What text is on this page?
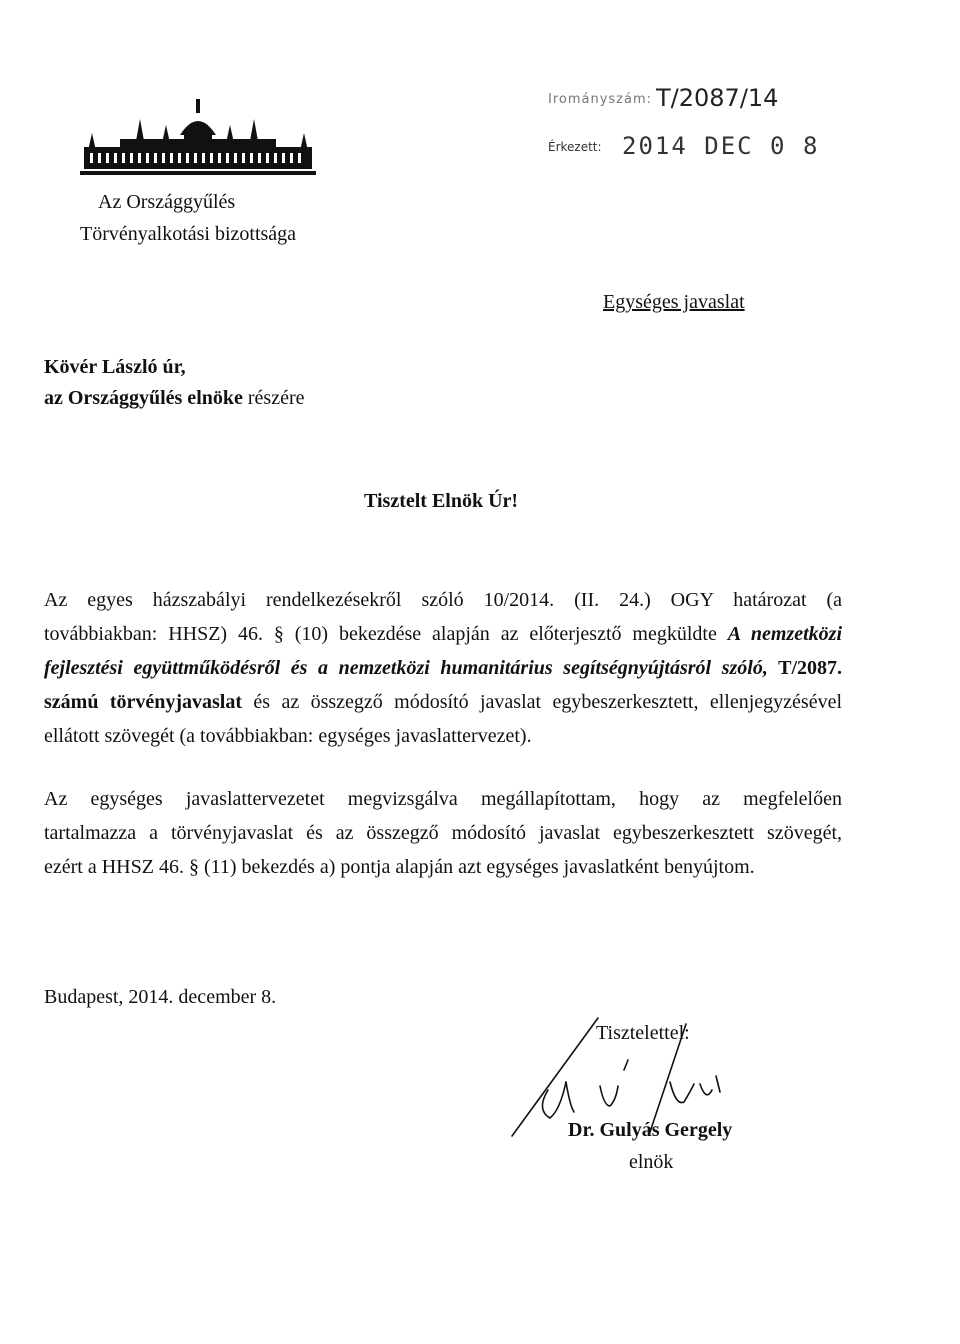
Az Országgyűlés
Törvényalkotási bizottsága
Irományszám: T/2087/14
Érkezett: 2014 DEC 0 8
Egységes javaslat
Kövér László úr,
az Országgyűlés elnöke részére
Tisztelt Elnök Úr!
Az egyes házszabályi rendelkezésekről szóló 10/2014. (II. 24.) OGY határozat (a
továbbiakban: HHSZ) 46. § (10) bekezdése alapján az előterjesztő megküldte A nemzetközi
fejlesztési együttműködésről és a nemzetközi humanitárius segítségnyújtásról szóló, T/2087.
számú törvényjavaslat és az összegző módosító javaslat egybeszerkesztett, ellenjegyzésével
ellátott szövegét (a továbbiakban: egységes javaslattervezet).
Az egységes javaslattervezetet megvizsgálva megállapítottam, hogy az megfelelően
tartalmazza a törvényjavaslat és az összegző módosító javaslat egybeszerkesztett szövegét,
ezért a HHSZ 46. § (11) bekezdés a) pontja alapján azt egységes javaslatként benyújtom.
Budapest, 2014. december 8.
Tisztelettel:
Dr. Gulyás Gergely
elnök
